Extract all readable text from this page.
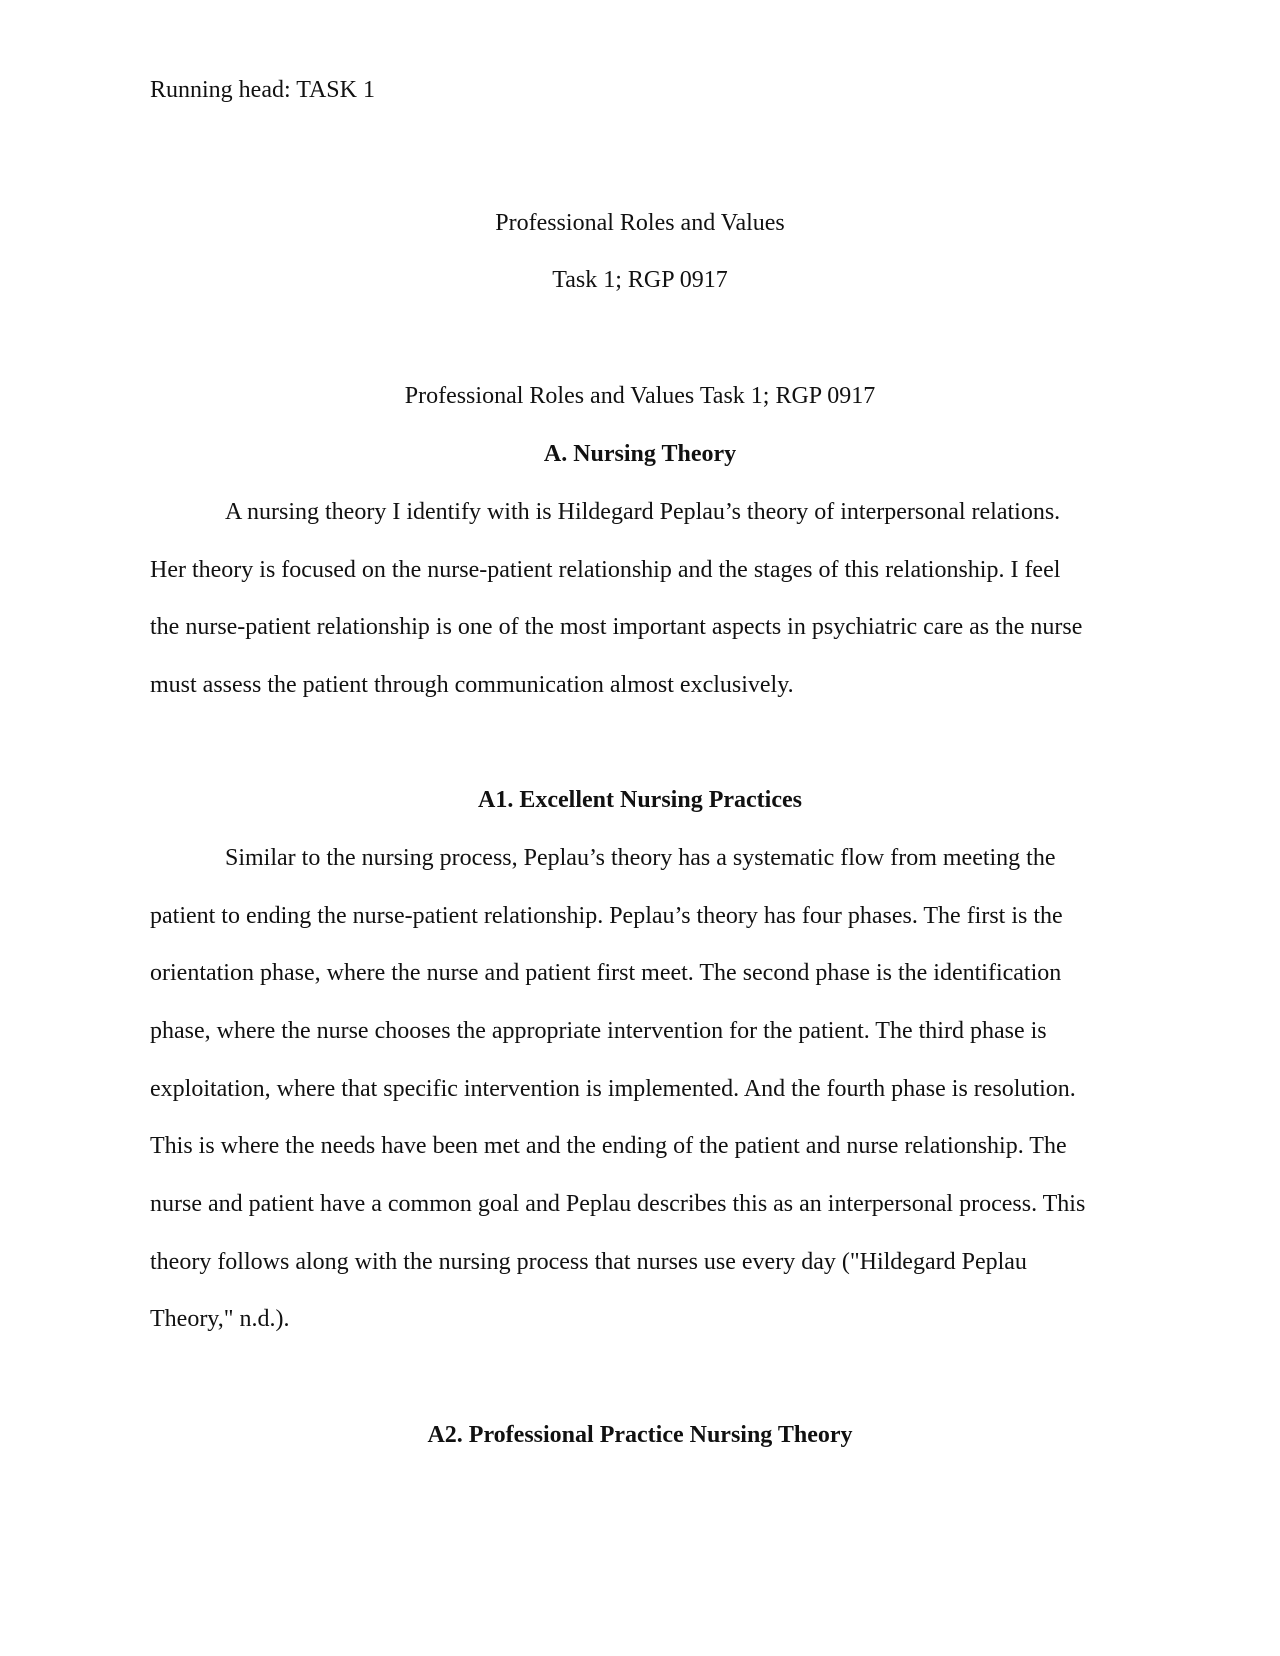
Running head: TASK 1
Professional Roles and Values
Task 1; RGP 0917
Professional Roles and Values Task 1; RGP 0917
A. Nursing Theory
A nursing theory I identify with is Hildegard Peplau’s theory of interpersonal relations.
Her theory is focused on the nurse-patient relationship and the stages of this relationship. I feel
the nurse-patient relationship is one of the most important aspects in psychiatric care as the nurse
must assess the patient through communication almost exclusively.
A1. Excellent Nursing Practices
Similar to the nursing process, Peplau’s theory has a systematic flow from meeting the
patient to ending the nurse-patient relationship. Peplau’s theory has four phases. The first is the
orientation phase, where the nurse and patient first meet. The second phase is the identification
phase, where the nurse chooses the appropriate intervention for the patient. The third phase is
exploitation, where that specific intervention is implemented. And the fourth phase is resolution.
This is where the needs have been met and the ending of the patient and nurse relationship. The
nurse and patient have a common goal and Peplau describes this as an interpersonal process. This
theory follows along with the nursing process that nurses use every day ("Hildegard Peplau
Theory," n.d.).
A2. Professional Practice Nursing Theory
